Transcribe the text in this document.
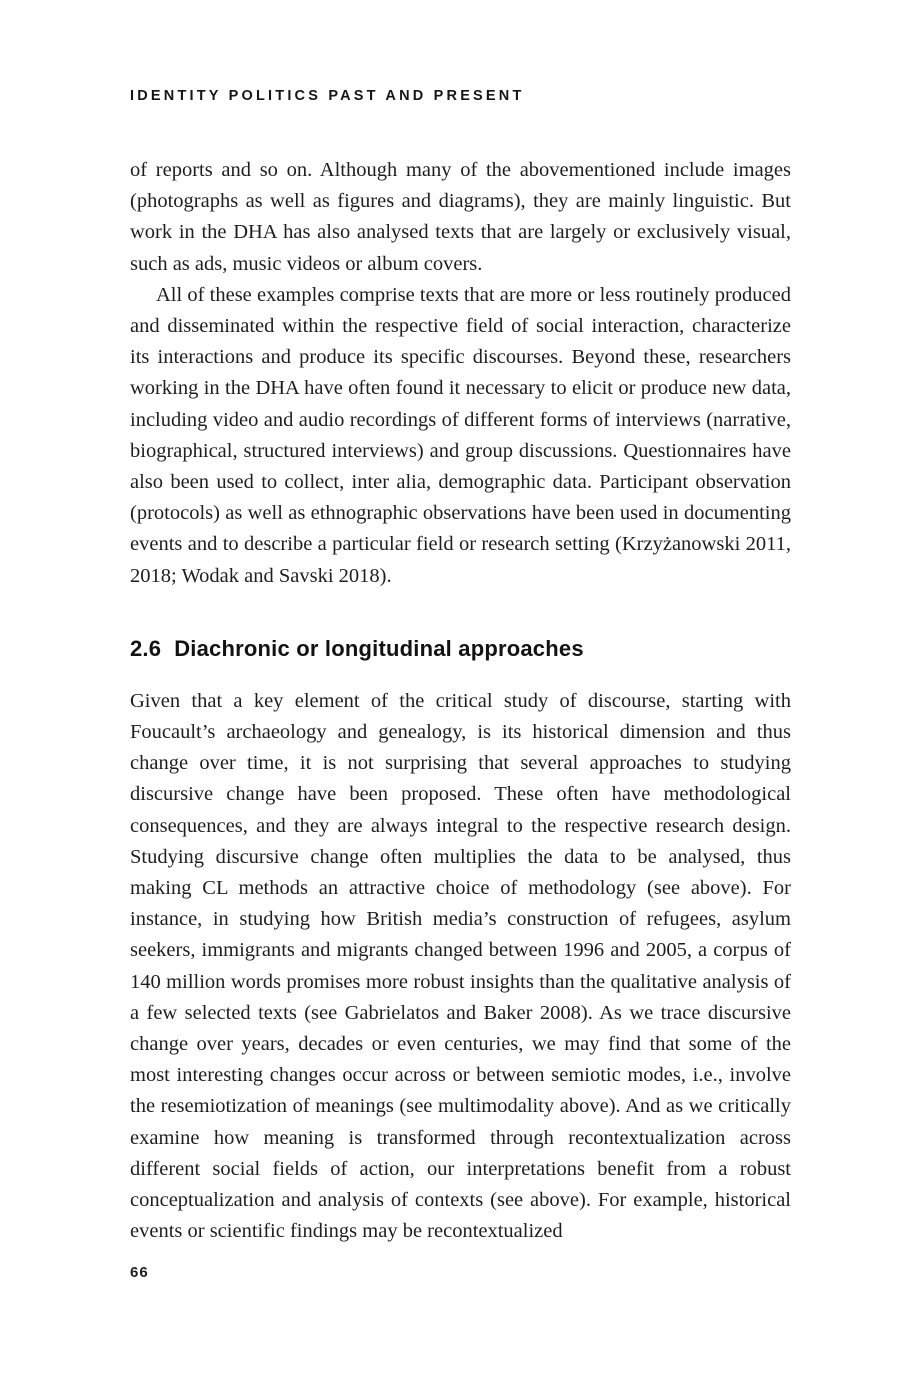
IDENTITY POLITICS PAST AND PRESENT

of reports and so on. Although many of the abovementioned include images (photographs as well as figures and diagrams), they are mainly linguistic. But work in the DHA has also analysed texts that are largely or exclusively visual, such as ads, music videos or album covers.

All of these examples comprise texts that are more or less routinely produced and disseminated within the respective field of social interaction, characterize its interactions and produce its specific discourses. Beyond these, researchers working in the DHA have often found it necessary to elicit or produce new data, including video and audio recordings of different forms of interviews (narrative, biographical, structured interviews) and group discussions. Questionnaires have also been used to collect, inter alia, demographic data. Participant observation (protocols) as well as ethnographic observations have been used in documenting events and to describe a particular field or research setting (Krzyżanowski 2011, 2018; Wodak and Savski 2018).

2.6 Diachronic or longitudinal approaches

Given that a key element of the critical study of discourse, starting with Foucault’s archaeology and genealogy, is its historical dimension and thus change over time, it is not surprising that several approaches to studying discursive change have been proposed. These often have methodological consequences, and they are always integral to the respective research design. Studying discursive change often multiplies the data to be analysed, thus making CL methods an attractive choice of methodology (see above). For instance, in studying how British media’s construction of refugees, asylum seekers, immigrants and migrants changed between 1996 and 2005, a corpus of 140 million words promises more robust insights than the qualitative analysis of a few selected texts (see Gabrielatos and Baker 2008). As we trace discursive change over years, decades or even centuries, we may find that some of the most interesting changes occur across or between semiotic modes, i.e., involve the resemiotization of meanings (see multimodality above). And as we critically examine how meaning is transformed through recontextualization across different social fields of action, our interpretations benefit from a robust conceptualization and analysis of contexts (see above). For example, historical events or scientific findings may be recontextualized

66
